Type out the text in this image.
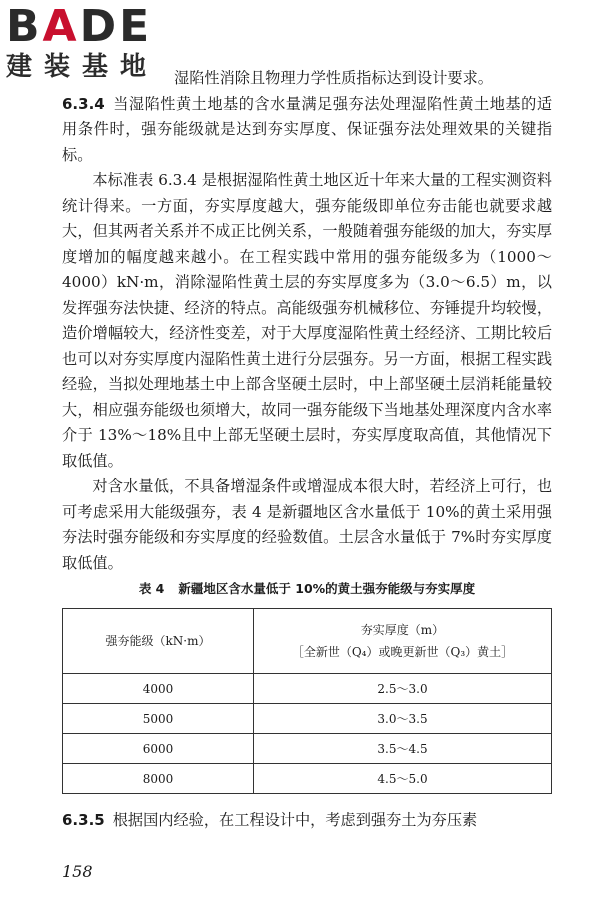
BADE
建装基地	湿陷性消除且物理力学性质指标达到设计要求。

6.3.4 当湿陷性黄土地基的含水量满足强夯法处理湿陷性黄土地基的适用条件时，强夯能级就是达到夯实厚度、保证强夯法处理效果的关键指标。

本标准表 6.3.4 是根据湿陷性黄土地区近十年来大量的工程实测资料统计得来。一方面，夯实厚度越大，强夯能级即单位夯击能也就要求越大，但其两者关系并不成正比例关系，一般随着强夯能级的加大，夯实厚度增加的幅度越来越小。在工程实践中常用的强夯能级多为（1000～4000）kN·m，消除湿陷性黄土层的夯实厚度多为（3.0～6.5）m，以发挥强夯法快捷、经济的特点。高能级强夯机械移位、夯锤提升均较慢，造价增幅较大，经济性变差，对于大厚度湿陷性黄土经经济、工期比较后也可以对夯实厚度内湿陷性黄土进行分层强夯。另一方面，根据工程实践经验，当拟处理地基土中上部含坚硬土层时，中上部坚硬土层消耗能量较大，相应强夯能级也须增大，故同一强夯能级下当地基处理深度内含水率介于 13%～18%且中上部无坚硬土层时，夯实厚度取高值，其他情况下取低值。

对含水量低，不具备增湿条件或增湿成本很大时，若经济上可行，也可考虑采用大能级强夯，表 4 是新疆地区含水量低于 10%的黄土采用强夯法时强夯能级和夯实厚度的经验数值。土层含水量低于 7%时夯实厚度取低值。

表 4 新疆地区含水量低于 10%的黄土强夯能级与夯实厚度
强夯能级（kN·m）	夯实厚度（m）
［全新世（Q₄）或晚更新世（Q₃）黄土］

4000	2.5～3.0
5000	3.0～3.5
6000	3.5～4.5
8000	4.5～5.0

6.3.5 根据国内经验，在工程设计中，考虑到强夯土为夯压素

158
